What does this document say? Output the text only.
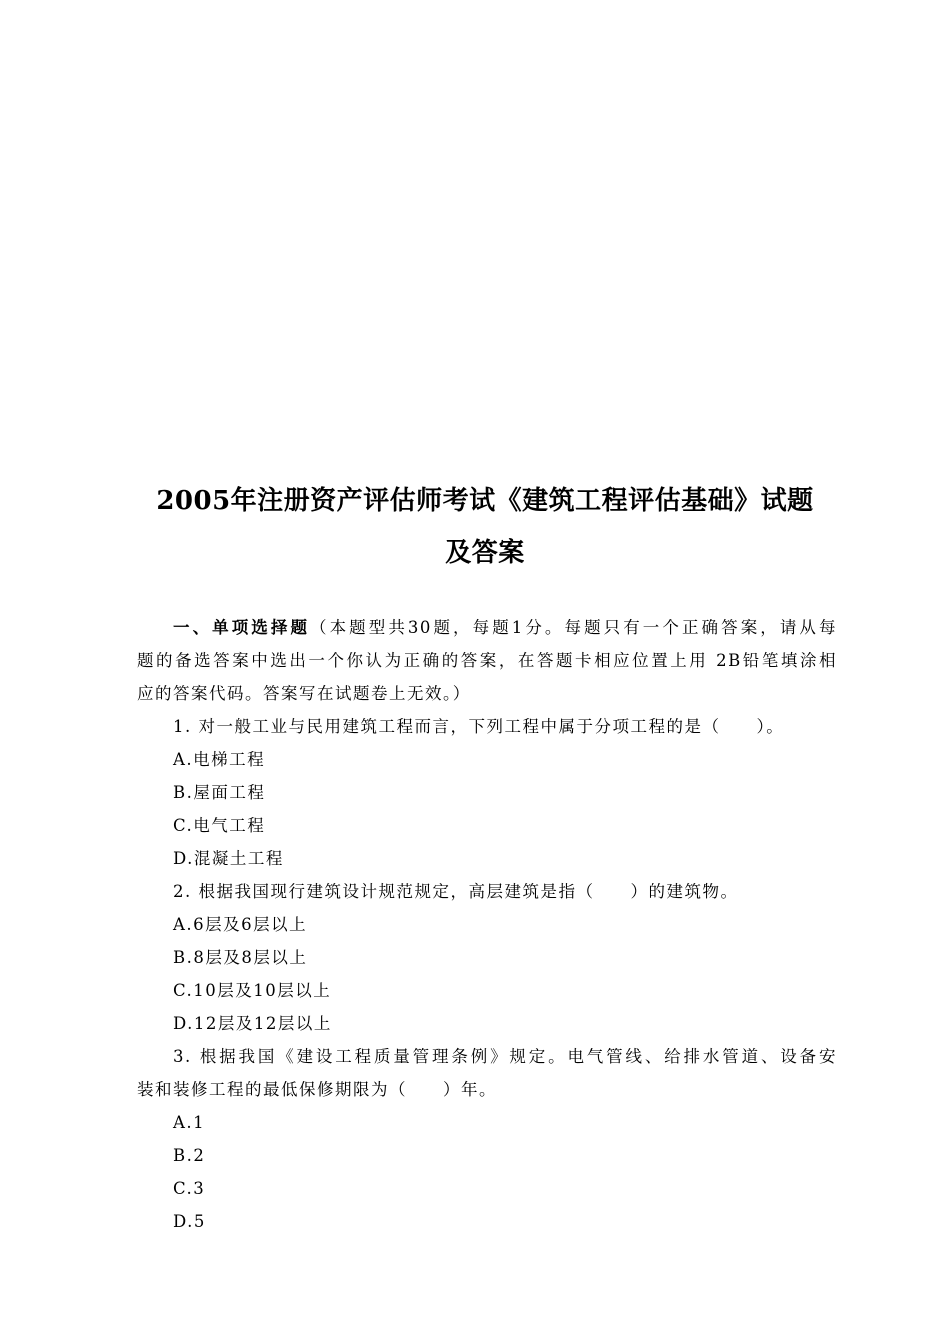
2005年注册资产评估师考试《建筑工程评估基础》试题
及答案
一、单项选择题（本题型共30题，每题1分。每题只有一个正确答案，请从每
题的备选答案中选出一个你认为正确的答案，在答题卡相应位置上用 2B铅笔填涂相
应的答案代码。答案写在试题卷上无效。）
1. 对一般工业与民用建筑工程而言，下列工程中属于分项工程的是（　　）。
A.电梯工程
B.屋面工程
C.电气工程
D.混凝土工程
2. 根据我国现行建筑设计规范规定，高层建筑是指（　　）的建筑物。
A.6层及6层以上
B.8层及8层以上
C.10层及10层以上
D.12层及12层以上
3. 根据我国《建设工程质量管理条例》规定。电气管线、给排水管道、设备安
装和装修工程的最低保修期限为（　　）年。
A.1
B.2
C.3
D.5
